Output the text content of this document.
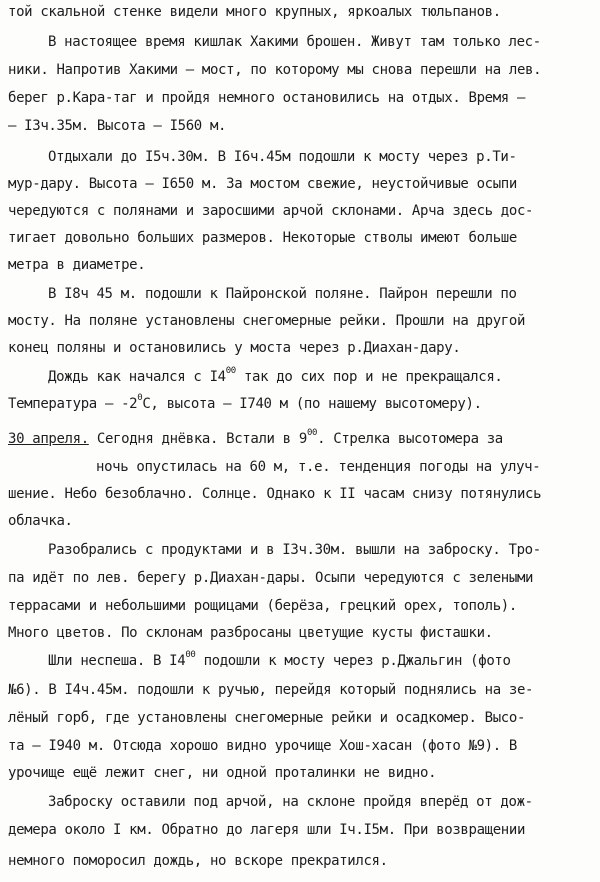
той скальной стенке видели много крупных, яркоалых тюльпанов.
В настоящее время кишлак Хакими брошен. Живут там только лес-
ники. Напротив Хакими – мост, по которому мы снова перешли на лев.
берег р.Кара-таг и пройдя немного остановились на отдых. Время –
– I3ч.35м. Высота – I560 м.
Отдыхали до I5ч.30м. В I6ч.45м подошли к мосту через р.Ти-
мур-дару. Высота – I650 м. За мостом свежие, неустойчивые осыпи
чередуются с полянами и заросшими арчой склонами. Арча здесь дос-
тигает довольно больших размеров. Некоторые стволы имеют больше
метра в диаметре.
В I8ч 45 м. подошли к Пайронской поляне. Пайрон перешли по
мосту. На поляне установлены снегомерные рейки. Прошли на другой
конец поляны и остановились у моста через р.Диахан-дару.
Дождь как начался с $I4^{00}$ так до сих пор и не прекращался.
Температура – $-2^0С$, высота – I740 м (по нашему высотомеру).
30 апреля. Сегодня днёвка. Встали в $9^{00}$. Стрелка высотомера за
ночь опустилась на 60 м, т.е. тенденция погоды на улуч-
шение. Небо безоблачно. Солнце. Однако к II часам снизу потянулись
облачка.
Разобрались с продуктами и в I3ч.30м. вышли на заброску. Тро-
па идёт по лев. берегу р.Диахан-дары. Осыпи чередуются с зелеными
террасами и небольшими рощицами (берёза, грецкий орех, тополь).
Много цветов. По склонам разбросаны цветущие кусты фисташки.
Шли неспеша. В $I4^{00}$ подошли к мосту через р.Джальгин (фото
№6). В I4ч.45м. подошли к ручью, перейдя который поднялись на зе-
лёный горб, где установлены снегомерные рейки и осадкомер. Высо-
та – I940 м. Отсюда хорошо видно урочище Хош-хасан (фото №9). В
урочище ещё лежит снег, ни одной проталинки не видно.
Заброску оставили под арчой, на склоне пройдя вперёд от дож-
демера около I км. Обратно до лагеря шли Iч.I5м. При возвращении
немного поморосил дождь, но вскоре прекратился.
